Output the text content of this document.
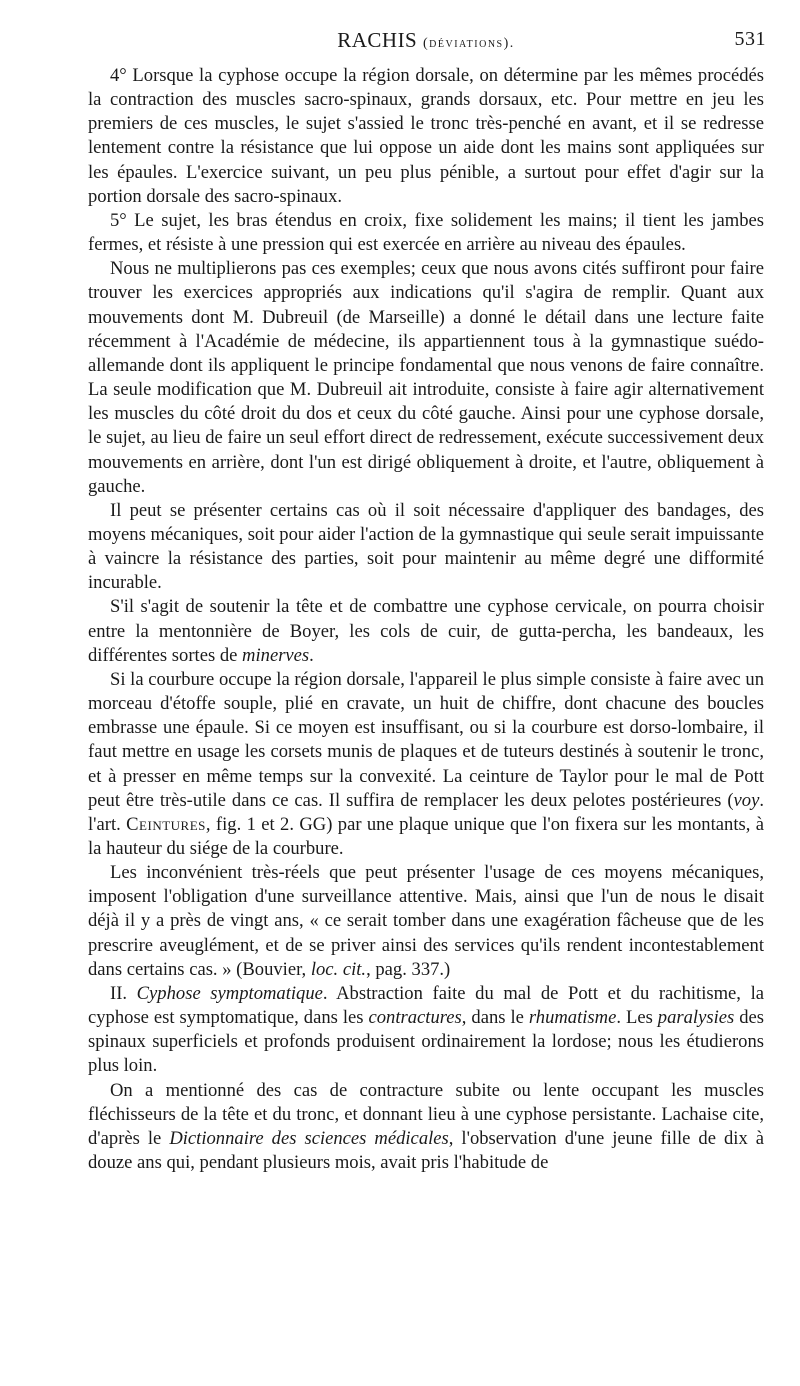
RACHIS (déviations).	531

4° Lorsque la cyphose occupe la région dorsale, on détermine par les mêmes procédés la contraction des muscles sacro-spinaux, grands dorsaux, etc. Pour mettre en jeu les premiers de ces muscles, le sujet s'assied le tronc très-penché en avant, et il se redresse lentement contre la résistance que lui oppose un aide dont les mains sont appliquées sur les épaules. L'exercice suivant, un peu plus pénible, a surtout pour effet d'agir sur la portion dorsale des sacro-spinaux.

5° Le sujet, les bras étendus en croix, fixe solidement les mains; il tient les jambes fermes, et résiste à une pression qui est exercée en arrière au niveau des épaules.

Nous ne multiplierons pas ces exemples; ceux que nous avons cités suffiront pour faire trouver les exercices appropriés aux indications qu'il s'agira de remplir. Quant aux mouvements dont M. Dubreuil (de Marseille) a donné le détail dans une lecture faite récemment à l'Académie de médecine, ils appartiennent tous à la gymnastique suédo-allemande dont ils appliquent le principe fondamental que nous venons de faire connaître. La seule modification que M. Dubreuil ait introduite, consiste à faire agir alternativement les muscles du côté droit du dos et ceux du côté gauche. Ainsi pour une cyphose dorsale, le sujet, au lieu de faire un seul effort direct de redressement, exécute successivement deux mouvements en arrière, dont l'un est dirigé obliquement à droite, et l'autre, obliquement à gauche.

Il peut se présenter certains cas où il soit nécessaire d'appliquer des bandages, des moyens mécaniques, soit pour aider l'action de la gymnastique qui seule serait impuissante à vaincre la résistance des parties, soit pour maintenir au même degré une difformité incurable.

S'il s'agit de soutenir la tête et de combattre une cyphose cervicale, on pourra choisir entre la mentonnière de Boyer, les cols de cuir, de gutta-percha, les bandeaux, les différentes sortes de minerves.

Si la courbure occupe la région dorsale, l'appareil le plus simple consiste à faire avec un morceau d'étoffe souple, plié en cravate, un huit de chiffre, dont chacune des boucles embrasse une épaule. Si ce moyen est insuffisant, ou si la courbure est dorso-lombaire, il faut mettre en usage les corsets munis de plaques et de tuteurs destinés à soutenir le tronc, et à presser en même temps sur la convexité. La ceinture de Taylor pour le mal de Pott peut être très-utile dans ce cas. Il suffira de remplacer les deux pelotes postérieures (voy. l'art. Ceintures, fig. 1 et 2. GG) par une plaque unique que l'on fixera sur les montants, à la hauteur du siége de la courbure.

Les inconvénient très-réels que peut présenter l'usage de ces moyens mécaniques, imposent l'obligation d'une surveillance attentive. Mais, ainsi que l'un de nous le disait déjà il y a près de vingt ans, « ce serait tomber dans une exagération fâcheuse que de les prescrire aveuglément, et de se priver ainsi des services qu'ils rendent incontestablement dans certains cas. » (Bouvier, loc. cit., pag. 337.)

II. Cyphose symptomatique. Abstraction faite du mal de Pott et du rachitisme, la cyphose est symptomatique, dans les contractures, dans le rhumatisme. Les paralysies des spinaux superficiels et profonds produisent ordinairement la lordose; nous les étudierons plus loin.

On a mentionné des cas de contracture subite ou lente occupant les muscles fléchisseurs de la tête et du tronc, et donnant lieu à une cyphose persistante. Lachaise cite, d'après le Dictionnaire des sciences médicales, l'observation d'une jeune fille de dix à douze ans qui, pendant plusieurs mois, avait pris l'habitude de
